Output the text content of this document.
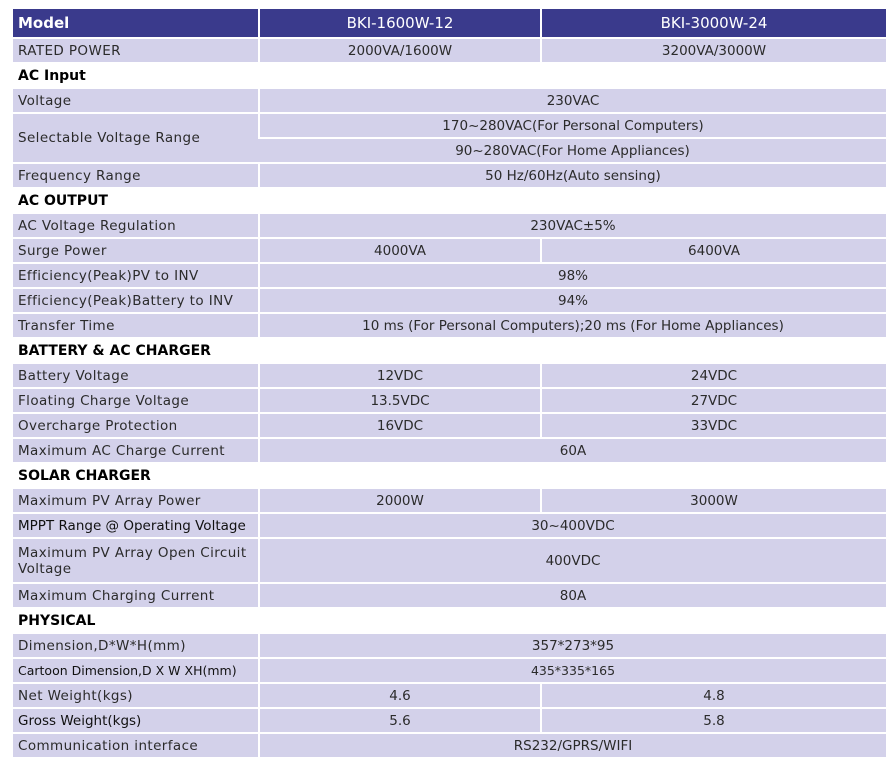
Model	BKI-1600W-12	BKI-3000W-24
RATED POWER	2000VA/1600W	3200VA/3000W
AC Input		
Voltage	230VAC	
Selectable Voltage Range	170~280VAC(For Personal Computers)	
	90~280VAC(For Home Appliances)	
Frequency Range	50 Hz/60Hz(Auto sensing)	
AC OUTPUT		
AC Voltage Regulation	230VAC±5%	
Surge Power	4000VA	6400VA
Efficiency(Peak)PV to INV	98%	
Efficiency(Peak)Battery to INV	94%	
Transfer Time	10 ms (For Personal Computers);20 ms (For Home Appliances)	
BATTERY & AC CHARGER		
Battery Voltage	12VDC	24VDC
Floating Charge Voltage	13.5VDC	27VDC
Overcharge Protection	16VDC	33VDC
Maximum AC Charge Current	60A	
SOLAR CHARGER		
Maximum PV Array Power	2000W	3000W
MPPT Range @ Operating Voltage	30~400VDC	
Maximum PV Array Open Circuit Voltage	400VDC	
Maximum Charging Current	80A	
PHYSICAL		
Dimension,D*W*H(mm)	357*273*95	
Cartoon Dimension,D X W XH(mm)	435*335*165	
Net Weight(kgs)	4.6	4.8
Gross Weight(kgs)	5.6	5.8
Communication interface	RS232/GPRS/WIFI	
